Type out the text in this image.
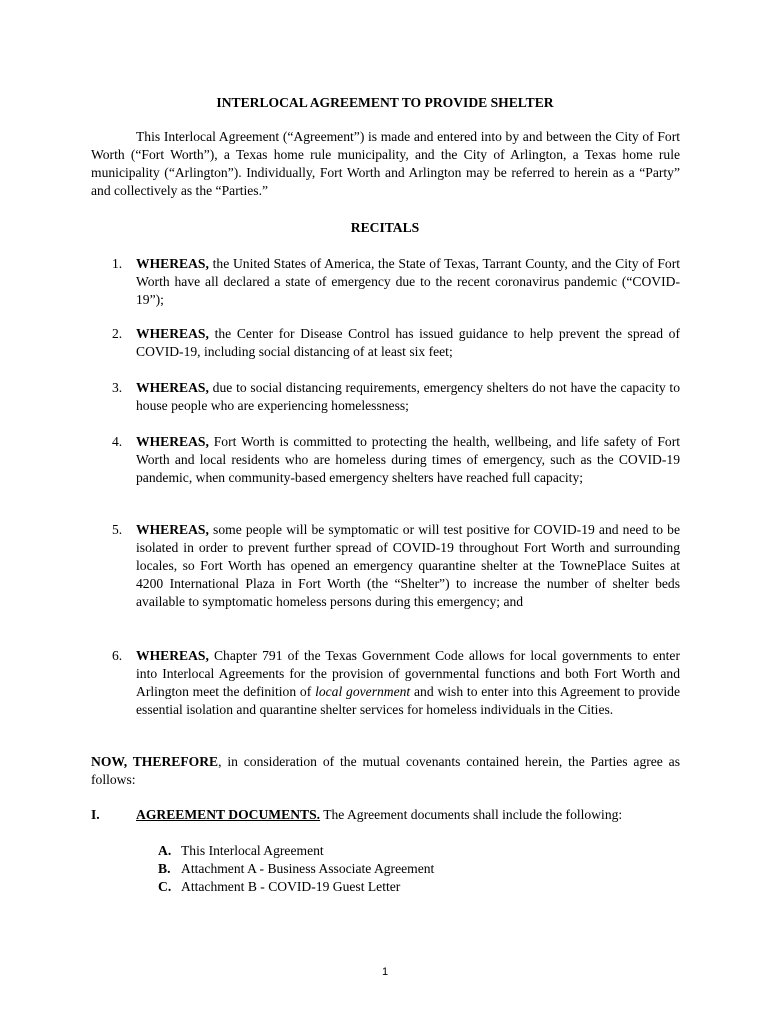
INTERLOCAL AGREEMENT TO PROVIDE SHELTER

This Interlocal Agreement (“Agreement”) is made and entered into by and between the City of Fort Worth (“Fort Worth”), a Texas home rule municipality, and the City of Arlington, a Texas home rule municipality (“Arlington”). Individually, Fort Worth and Arlington may be referred to herein as a “Party” and collectively as the “Parties.”

RECITALS

1. WHEREAS, the United States of America, the State of Texas, Tarrant County, and the City of Fort Worth have all declared a state of emergency due to the recent coronavirus pandemic (“COVID-19”);

2. WHEREAS, the Center for Disease Control has issued guidance to help prevent the spread of COVID-19, including social distancing of at least six feet;

3. WHEREAS, due to social distancing requirements, emergency shelters do not have the capacity to house people who are experiencing homelessness;

4. WHEREAS, Fort Worth is committed to protecting the health, wellbeing, and life safety of Fort Worth and local residents who are homeless during times of emergency, such as the COVID-19 pandemic, when community-based emergency shelters have reached full capacity;

5. WHEREAS, some people will be symptomatic or will test positive for COVID-19 and need to be isolated in order to prevent further spread of COVID-19 throughout Fort Worth and surrounding locales, so Fort Worth has opened an emergency quarantine shelter at the TownePlace Suites at 4200 International Plaza in Fort Worth (the “Shelter”) to increase the number of shelter beds available to symptomatic homeless persons during this emergency; and

6. WHEREAS, Chapter 791 of the Texas Government Code allows for local governments to enter into Interlocal Agreements for the provision of governmental functions and both Fort Worth and Arlington meet the definition of local government and wish to enter into this Agreement to provide essential isolation and quarantine shelter services for homeless individuals in the Cities.

NOW, THEREFORE, in consideration of the mutual covenants contained herein, the Parties agree as follows:

I.	AGREEMENT DOCUMENTS. The Agreement documents shall include the following:

A. This Interlocal Agreement
B. Attachment A - Business Associate Agreement
C. Attachment B - COVID-19 Guest Letter
1
